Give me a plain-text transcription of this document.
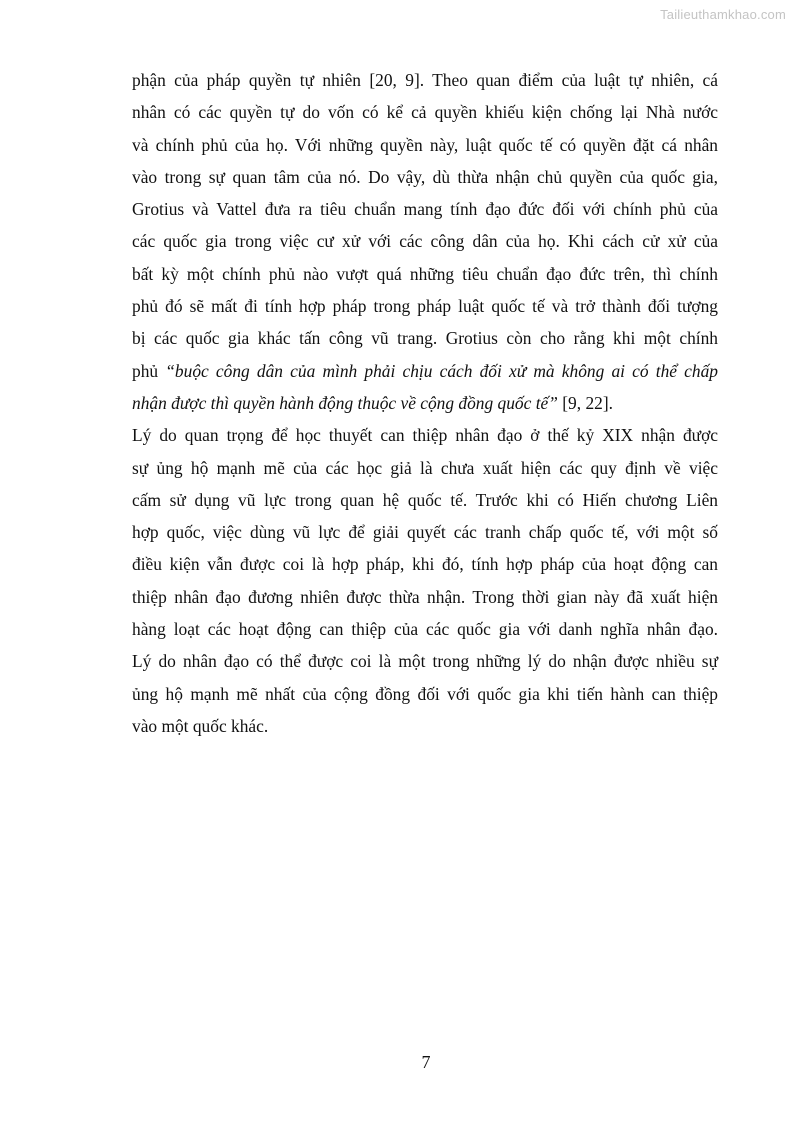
Tailieuthamkhao.com
phận của pháp quyền tự nhiên [20, 9]. Theo quan điểm của luật tự nhiên, cá
nhân có các quyền tự do vốn có kể cả quyền khiếu kiện chống lại Nhà nước
và chính phủ của họ. Với những quyền này, luật quốc tế có quyền đặt cá nhân
vào trong sự quan tâm của nó. Do vậy, dù thừa nhận chủ quyền của quốc gia,
Grotius và Vattel đưa ra tiêu chuẩn mang tính đạo đức đối với chính phủ của
các quốc gia trong việc cư xử với các công dân của họ. Khi cách cử xử của
bất kỳ một chính phủ nào vượt quá những tiêu chuẩn đạo đức trên, thì chính
phủ đó sẽ mất đi tính hợp pháp trong pháp luật quốc tế và trở thành đối tượng
bị các quốc gia khác tấn công vũ trang. Grotius còn cho rằng khi một chính
phủ “buộc công dân của mình phải chịu cách đối xử mà không ai có thể chấp
nhận được thì quyền hành động thuộc về cộng đồng quốc tế” [9, 22].
Lý do quan trọng để học thuyết can thiệp nhân đạo ở thế kỷ XIX nhận được
sự ủng hộ mạnh mẽ của các học giả là chưa xuất hiện các quy định về việc
cấm sử dụng vũ lực trong quan hệ quốc tế. Trước khi có Hiến chương Liên
hợp quốc, việc dùng vũ lực để giải quyết các tranh chấp quốc tế, với một số
điều kiện vẫn được coi là hợp pháp, khi đó, tính hợp pháp của hoạt động can
thiệp nhân đạo đương nhiên được thừa nhận. Trong thời gian này đã xuất hiện
hàng loạt các hoạt động can thiệp của các quốc gia với danh nghĩa nhân đạo.
Lý do nhân đạo có thể được coi là một trong những lý do nhận được nhiều sự
ủng hộ mạnh mẽ nhất của cộng đồng đối với quốc gia khi tiến hành can thiệp
vào một quốc khác.
7
